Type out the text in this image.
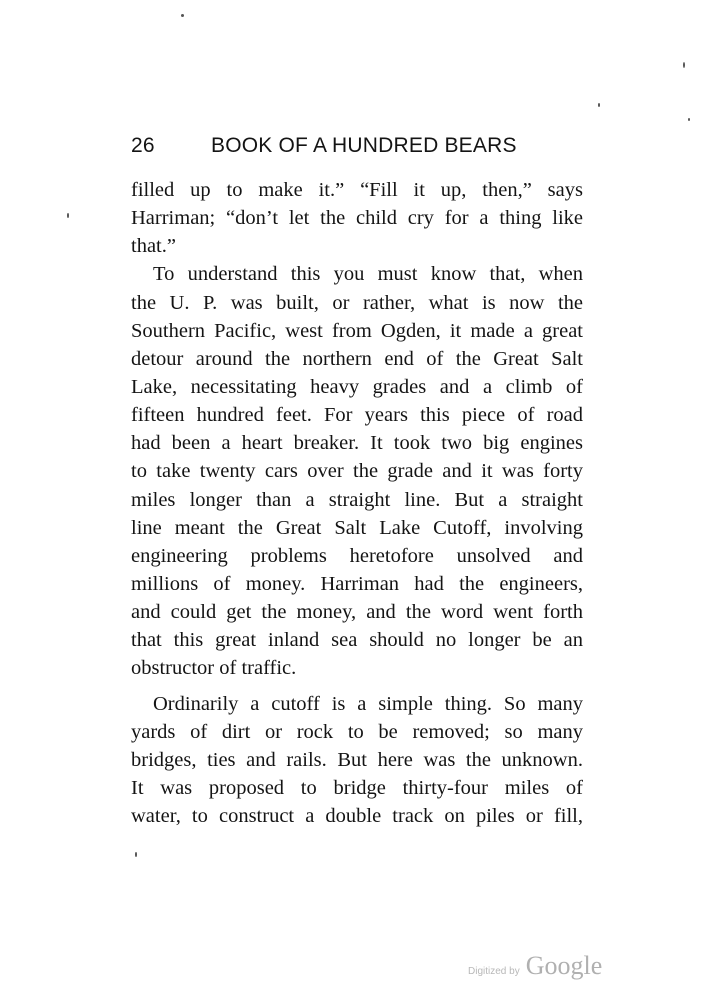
26	BOOK OF A HUNDRED BEARS
filled up to make it.” “Fill it up, then,” says
Harriman; “don’t let the child cry for a thing like
that.”
To understand this you must know that, when
the U. P. was built, or rather, what is now the
Southern Pacific, west from Ogden, it made a great
detour around the northern end of the Great Salt
Lake, necessitating heavy grades and a climb of
fifteen hundred feet. For years this piece of road
had been a heart breaker. It took two big engines
to take twenty cars over the grade and it was forty
miles longer than a straight line. But a straight
line meant the Great Salt Lake Cutoff, involving
engineering problems heretofore unsolved and
millions of money. Harriman had the engineers,
and could get the money, and the word went forth
that this great inland sea should no longer be an
obstructor of traffic.
Ordinarily a cutoff is a simple thing. So many
yards of dirt or rock to be removed; so many
bridges, ties and rails. But here was the unknown.
It was proposed to bridge thirty-four miles of
water, to construct a double track on piles or fill,
Digitized by Google
